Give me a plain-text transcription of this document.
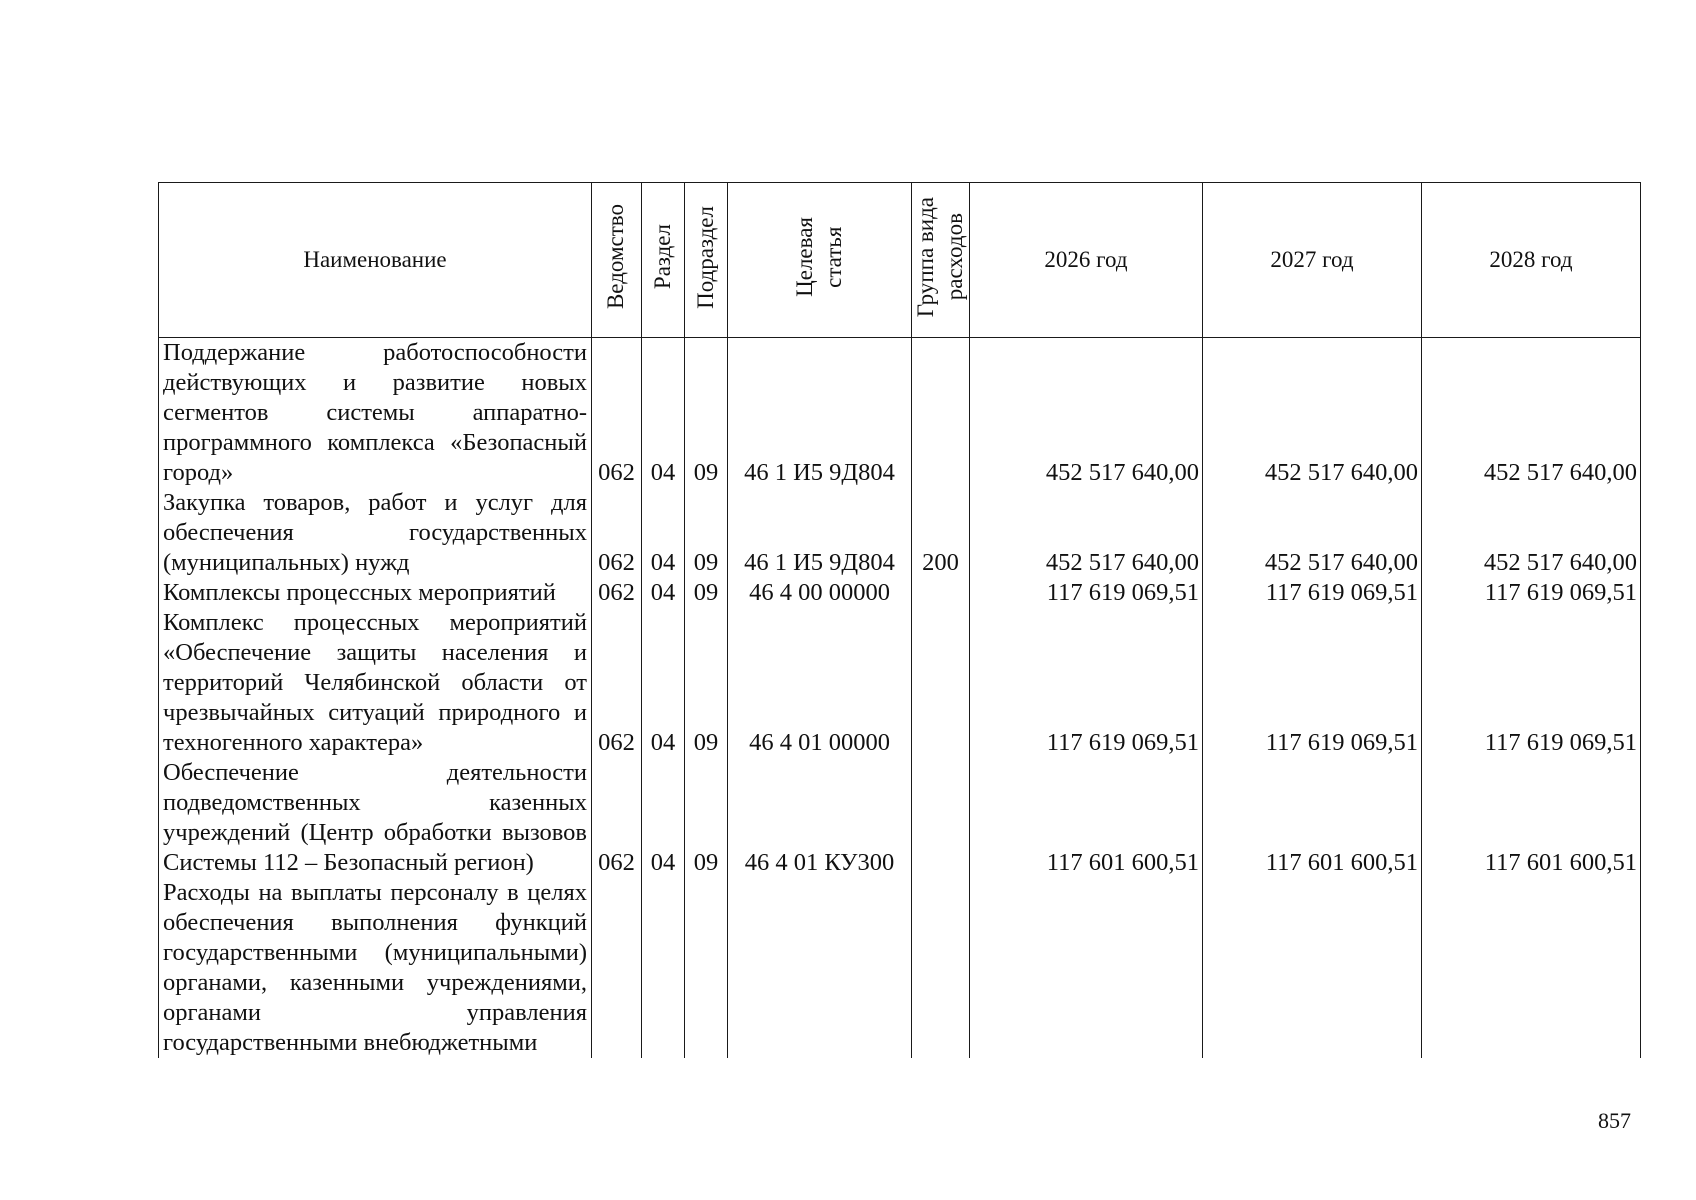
Наименование	Ведомство	Раздел	Подраздел	Целевая статья	Группа вида расходов	2026 год	2027 год	2028 год
Поддержание работоспособности действующих и развитие новых сегментов системы аппаратно-программного комплекса «Безопасный город»	062	04	09	46 1 И5 9Д804		452 517 640,00	452 517 640,00	452 517 640,00
Закупка товаров, работ и услуг для обеспечения государственных (муниципальных) нужд	062	04	09	46 1 И5 9Д804	200	452 517 640,00	452 517 640,00	452 517 640,00
Комплексы процессных мероприятий	062	04	09	46 4 00 00000		117 619 069,51	117 619 069,51	117 619 069,51
Комплекс процессных мероприятий «Обеспечение защиты населения и территорий Челябинской области от чрезвычайных ситуаций природного и техногенного характера»	062	04	09	46 4 01 00000		117 619 069,51	117 619 069,51	117 619 069,51
Обеспечение деятельности подведомственных казенных учреждений (Центр обработки вызовов Системы 112 – Безопасный регион)	062	04	09	46 4 01 КУ300		117 601 600,51	117 601 600,51	117 601 600,51
Расходы на выплаты персоналу в целях обеспечения выполнения функций государственными (муниципальными) органами, казенными учреждениями, органами управления государственными внебюджетными								
857
